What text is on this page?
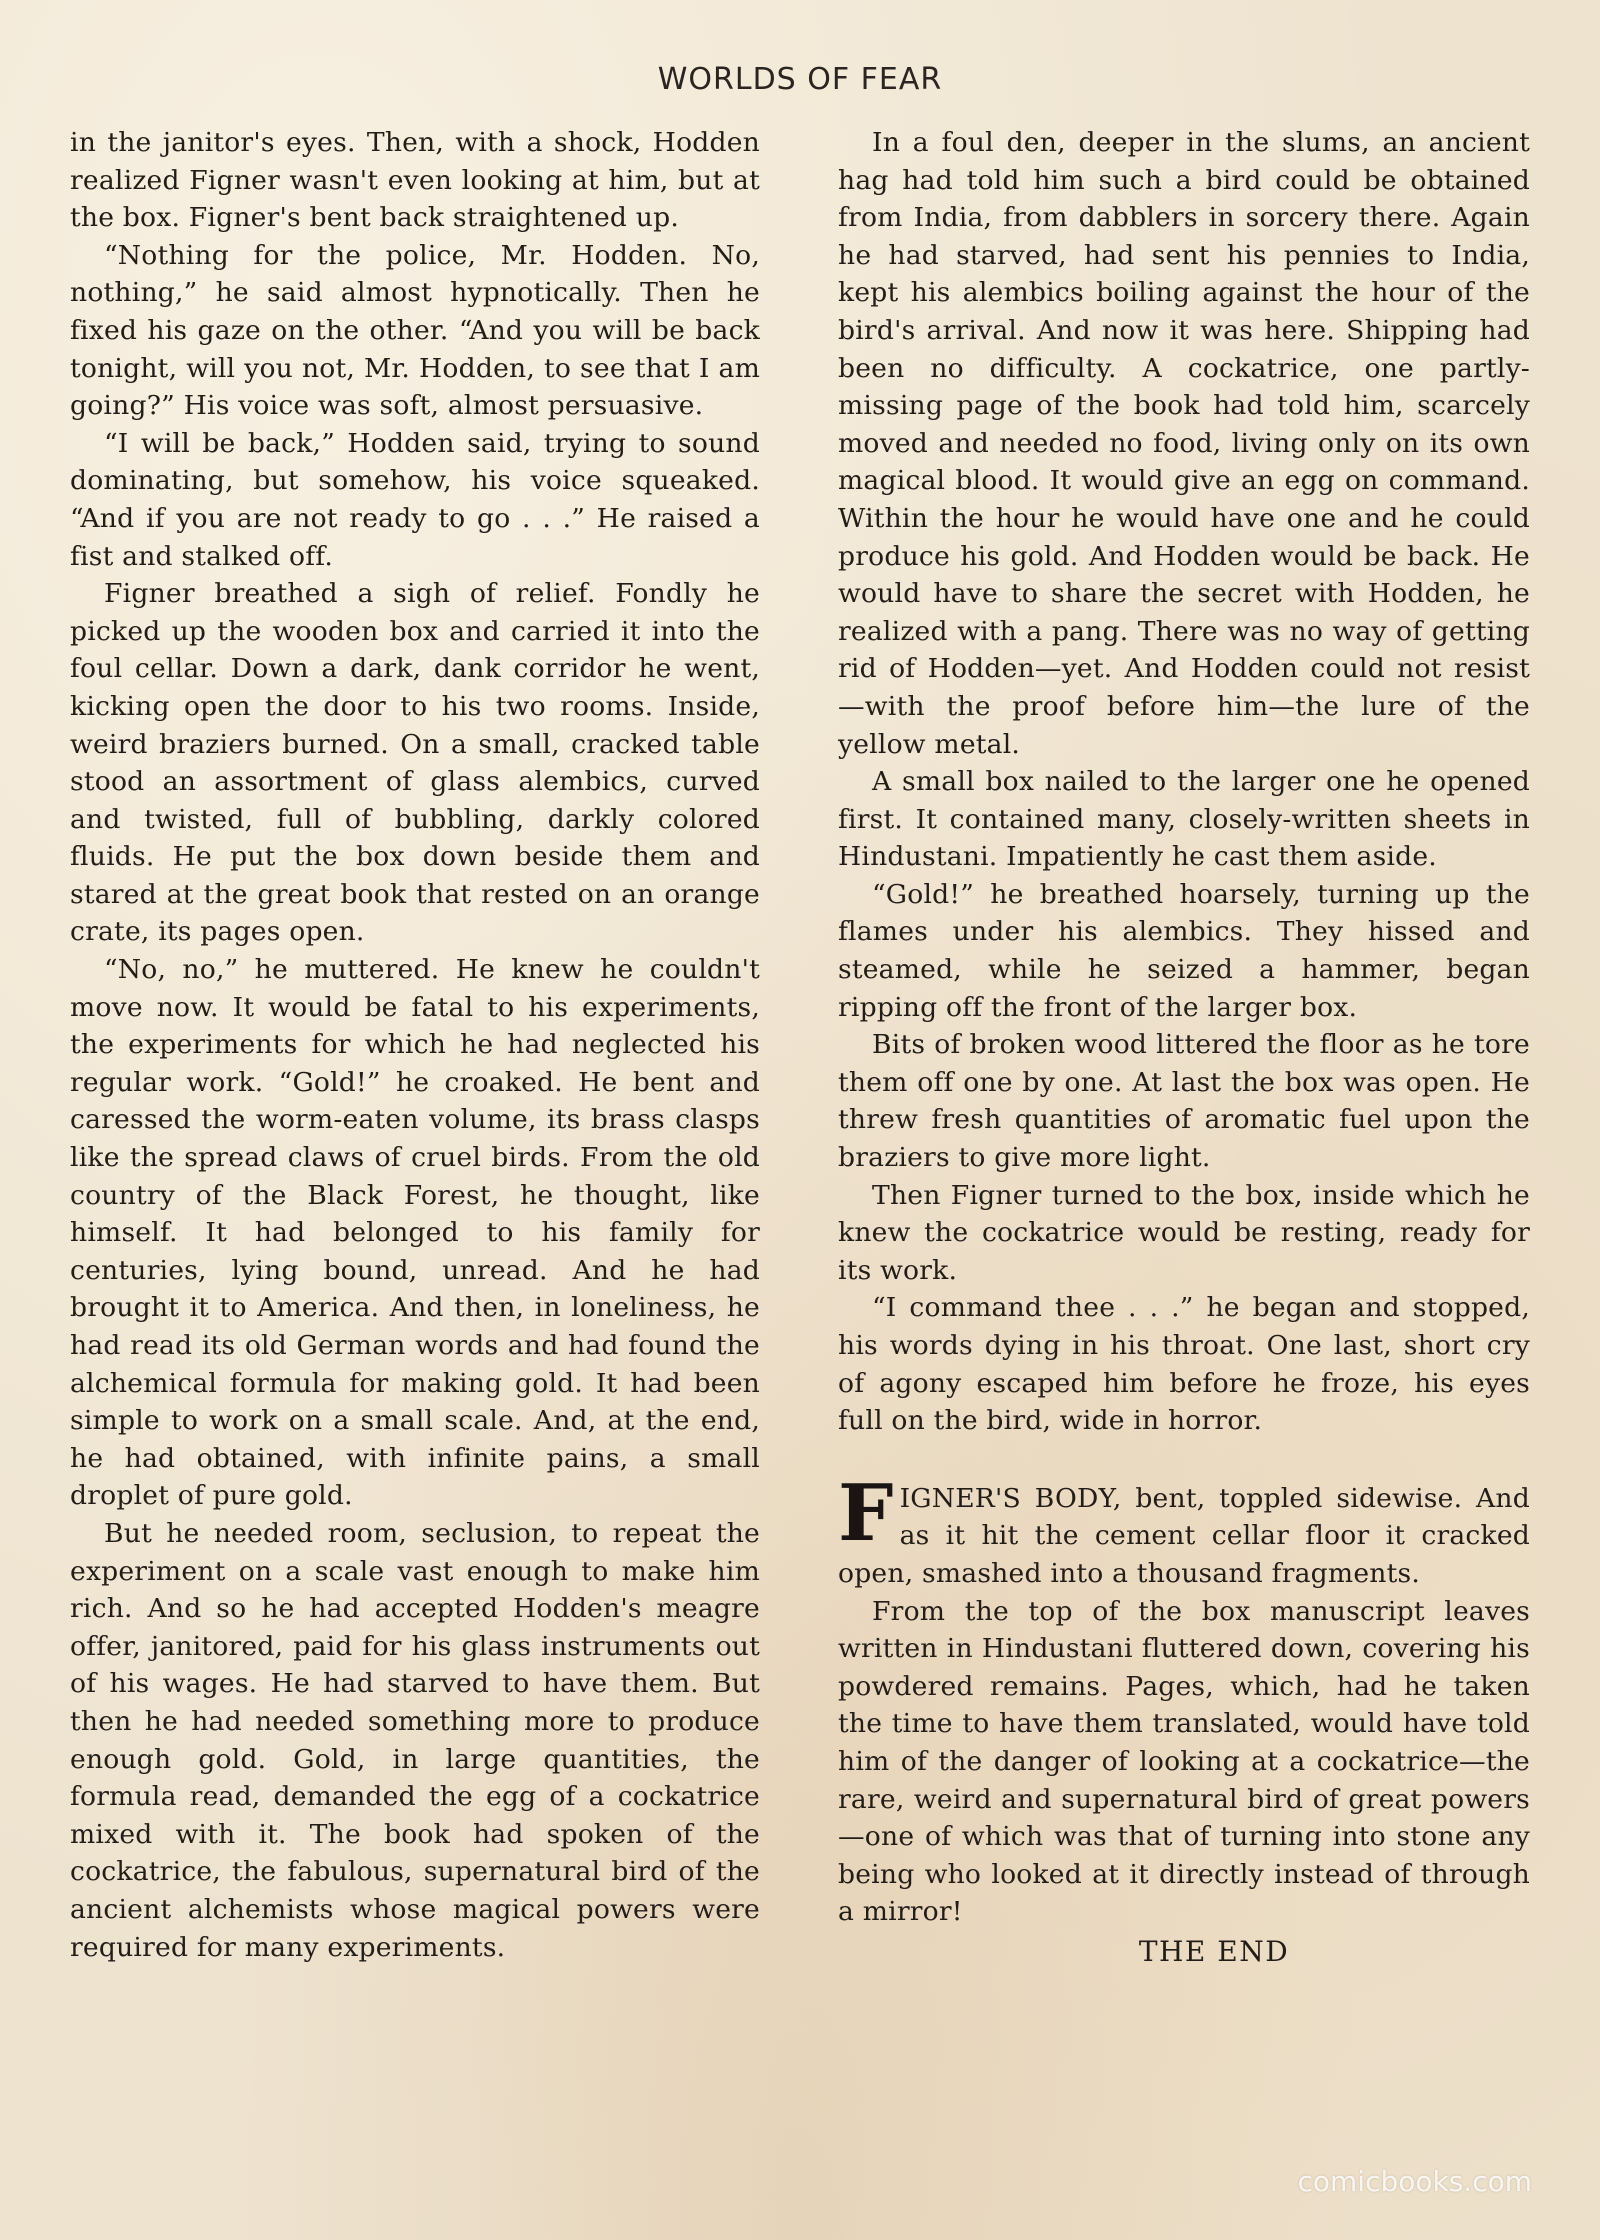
WORLDS OF FEAR

in the janitor's eyes. Then, with a shock, Hodden realized Figner wasn't even looking at him, but at the box. Figner's bent back straightened up.

“Nothing for the police, Mr. Hodden. No, nothing,” he said almost hypnotically. Then he fixed his gaze on the other. “And you will be back tonight, will you not, Mr. Hodden, to see that I am going?” His voice was soft, almost persuasive.

“I will be back,” Hodden said, trying to sound dominating, but somehow, his voice squeaked. “And if you are not ready to go . . .” He raised a fist and stalked off.

Figner breathed a sigh of relief. Fondly he picked up the wooden box and carried it into the foul cellar. Down a dark, dank corridor he went, kicking open the door to his two rooms. Inside, weird braziers burned. On a small, cracked table stood an assortment of glass alembics, curved and twisted, full of bubbling, darkly colored fluids. He put the box down beside them and stared at the great book that rested on an orange crate, its pages open.

“No, no,” he muttered. He knew he couldn't move now. It would be fatal to his experiments, the experiments for which he had neglected his regular work. “Gold!” he croaked. He bent and caressed the worm-eaten volume, its brass clasps like the spread claws of cruel birds. From the old country of the Black Forest, he thought, like himself. It had belonged to his family for centuries, lying bound, unread. And he had brought it to America. And then, in loneliness, he had read its old German words and had found the alchemical formula for making gold. It had been simple to work on a small scale. And, at the end, he had obtained, with infinite pains, a small droplet of pure gold.

But he needed room, seclusion, to repeat the experiment on a scale vast enough to make him rich. And so he had accepted Hodden's meagre offer, janitored, paid for his glass instruments out of his wages. He had starved to have them. But then he had needed something more to produce enough gold. Gold, in large quantities, the formula read, demanded the egg of a cockatrice mixed with it. The book had spoken of the cockatrice, the fabulous, supernatural bird of the ancient alchemists whose magical powers were required for many experiments.

In a foul den, deeper in the slums, an ancient hag had told him such a bird could be obtained from India, from dabblers in sorcery there. Again he had starved, had sent his pennies to India, kept his alembics boiling against the hour of the bird's arrival. And now it was here. Shipping had been no difficulty. A cockatrice, one partly-missing page of the book had told him, scarcely moved and needed no food, living only on its own magical blood. It would give an egg on command. Within the hour he would have one and he could produce his gold. And Hodden would be back. He would have to share the secret with Hodden, he realized with a pang. There was no way of getting rid of Hodden—yet. And Hodden could not resist—with the proof before him—the lure of the yellow metal.

A small box nailed to the larger one he opened first. It contained many, closely-written sheets in Hindustani. Impatiently he cast them aside.

“Gold!” he breathed hoarsely, turning up the flames under his alembics. They hissed and steamed, while he seized a hammer, began ripping off the front of the larger box.

Bits of broken wood littered the floor as he tore them off one by one. At last the box was open. He threw fresh quantities of aromatic fuel upon the braziers to give more light.

Then Figner turned to the box, inside which he knew the cockatrice would be resting, ready for its work.

“I command thee . . .” he began and stopped, his words dying in his throat. One last, short cry of agony escaped him before he froze, his eyes full on the bird, wide in horror.

FIGNER'S BODY, bent, toppled sidewise. And as it hit the cement cellar floor it cracked open, smashed into a thousand fragments.

From the top of the box manuscript leaves written in Hindustani fluttered down, covering his powdered remains. Pages, which, had he taken the time to have them translated, would have told him of the danger of looking at a cockatrice—the rare, weird and supernatural bird of great powers—one of which was that of turning into stone any being who looked at it directly instead of through a mirror!

THE END
comicbooks.com
